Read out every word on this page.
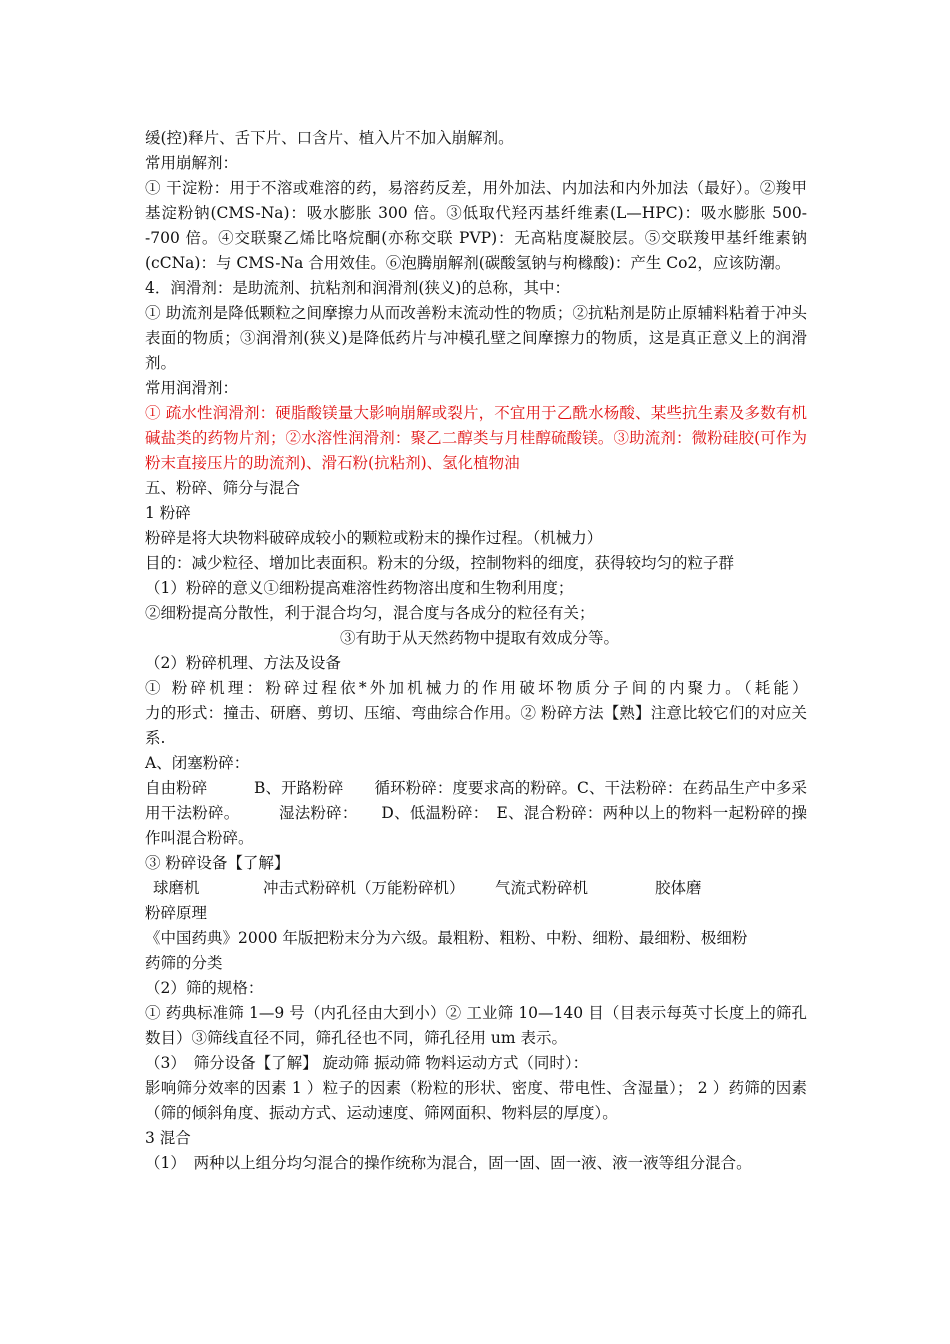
缓(控)释片、舌下片、口含片、植入片不加入崩解剂。

常用崩解剂：

① 干淀粉：用于不溶或难溶的药，易溶药反差，用外加法、内加法和内外加法（最好）。②羧甲基淀粉钠(CMS-Na)：吸水膨胀 300 倍。③低取代羟丙基纤维素(L—HPC)：吸水膨胀 500--700 倍。④交联聚乙烯比咯烷酮(亦称交联 PVP)：无高粘度凝胶层。⑤交联羧甲基纤维素钠(cCNa)：与 CMS-Na 合用效佳。⑥泡腾崩解剂(碳酸氢钠与枸橼酸)：产生 Co2，应该防潮。

4．润滑剂：是助流剂、抗粘剂和润滑剂(狭义)的总称，其中：

① 助流剂是降低颗粒之间摩擦力从而改善粉末流动性的物质；②抗粘剂是防止原辅料粘着于冲头表面的物质；③润滑剂(狭义)是降低药片与冲模孔壁之间摩擦力的物质，这是真正意义上的润滑剂。

常用润滑剂：

① 疏水性润滑剂：硬脂酸镁量大影响崩解或裂片，不宜用于乙酰水杨酸、某些抗生素及多数有机碱盐类的药物片剂；②水溶性润滑剂：聚乙二醇类与月桂醇硫酸镁。③助流剂：微粉硅胶(可作为粉末直接压片的助流剂)、滑石粉(抗粘剂)、氢化植物油

五、粉碎、筛分与混合

1 粉碎

粉碎是将大块物料破碎成较小的颗粒或粉末的操作过程。（机械力）

目的：减少粒径、增加比表面积。粉末的分级，控制物料的细度，获得较均匀的粒子群

（1）粉碎的意义①细粉提高难溶性药物溶出度和生物利用度；

②细粉提高分散性，利于混合均匀，混合度与各成分的粒径有关；

③有助于从天然药物中提取有效成分等。

（2）粉碎机理、方法及设备

① 粉碎机理：粉碎过程依*外加机械力的作用破坏物质分子间的内聚力。（耗能）

力的形式：撞击、研磨、剪切、压缩、弯曲综合作用。② 粉碎方法【熟】注意比较它们的对应关系.

A、闭塞粉碎：

自由粉碎　　　B、开路粉碎　　循环粉碎：度要求高的粉碎。C、干法粉碎：在药品生产中多采用干法粉碎。　　　湿法粉碎：　　D、低温粉碎：　E、混合粉碎：两种以上的物料一起粉碎的操作叫混合粉碎。

③ 粉碎设备【了解】

球磨机	冲击式粉碎机（万能粉碎机） 气流式粉碎机	胶体磨

粉碎原理

《中国药典》2000 年版把粉末分为六级。最粗粉、粗粉、中粉、细粉、最细粉、极细粉

药筛的分类

（2）筛的规格：

① 药典标准筛 1—9 号（内孔径由大到小）② 工业筛 10—140 目（目表示每英寸长度上的筛孔数目）③筛线直径不同，筛孔径也不同，筛孔径用 um 表示。

（3）　筛分设备【了解】 旋动筛 振动筛 物料运动方式（同时）：

影响筛分效率的因素 1 ）粒子的因素（粉粒的形状、密度、带电性、含湿量）； 2 ）药筛的因素（筛的倾斜角度、振动方式、运动速度、筛网面积、物料层的厚度）。

3 混合

（1）　两种以上组分均匀混合的操作统称为混合，固一固、固一液、液一液等组分混合。
